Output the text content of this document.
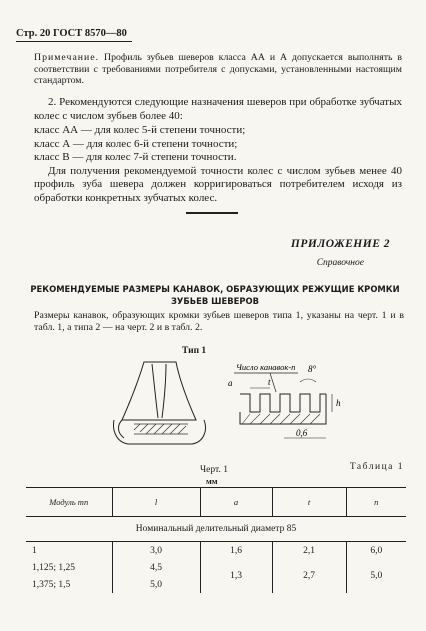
Стр. 20 ГОСТ 8570—80
Примечание. Профиль зубьев шеверов класса АА и А допускается выполнять в соответствии с требованиями потребителя с допусками, установленными настоящим стандартом.
2. Рекомендуются следующие назначения шеверов при обработке зубчатых колес с числом зубьев более 40:
класс АА — для колес 5-й степени точности;
класс А — для колес 6-й степени точности;
класс В — для колес 7-й степени точности.
Для получения рекомендуемой точности колес с числом зубьев менее 40 профиль зуба шевера должен корригироваться потребителем исходя из обработки конкретных зубчатых колес.
ПРИЛОЖЕНИЕ 2
Справочное
РЕКОМЕНДУЕМЫЕ РАЗМЕРЫ КАНАВОК, ОБРАЗУЮЩИХ РЕЖУЩИЕ КРОМКИ ЗУБЬЕВ ШЕВЕРОВ
Размеры канавок, образующих кромки зубьев шеверов типа 1, указаны на черт. 1 и в табл. 1, а типа 2 — на черт. 2 и в табл. 2.
Тип 1
Число канавок-n
a	t
8°
h
0,6
Черт. 1
мм
Таблица 1
Модуль mn	l	a	t	n
Номинальный делительный диаметр 85				
1	3,0	1,6	2,1	6,0
1,125; 1,25	4,5	1,3	2,7	5,0
1,375; 1,5	5,0			
